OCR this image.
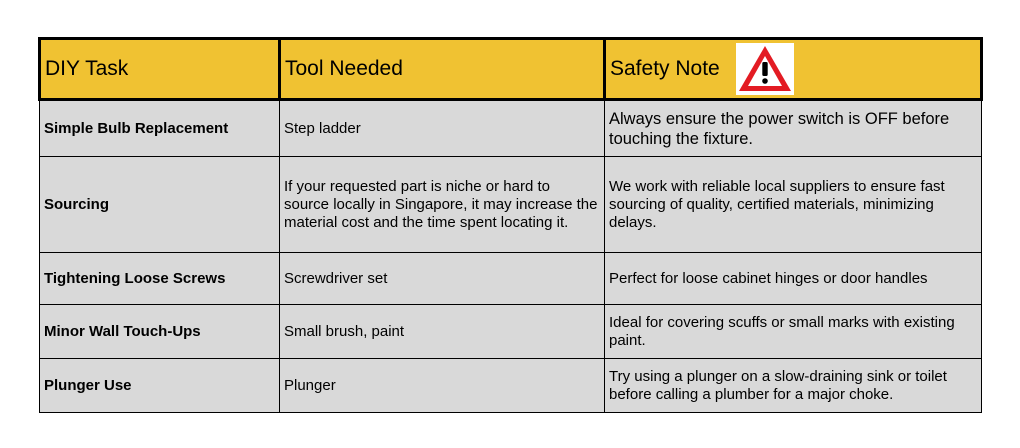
DIY Task	Tool Needed	Safety Note

Simple Bulb Replacement	Step ladder	Always ensure the power switch is OFF before touching the fixture.
Sourcing	If your requested part is niche or hard to source locally in Singapore, it may increase the material cost and the time spent locating it.	We work with reliable local suppliers to ensure fast sourcing of quality, certified materials, minimizing delays.
Tightening Loose Screws	Screwdriver set	Perfect for loose cabinet hinges or door handles
Minor Wall Touch-Ups	Small brush, paint	Ideal for covering scuffs or small marks with existing paint.
Plunger Use	Plunger	Try using a plunger on a slow-draining sink or toilet before calling a plumber for a major choke.
